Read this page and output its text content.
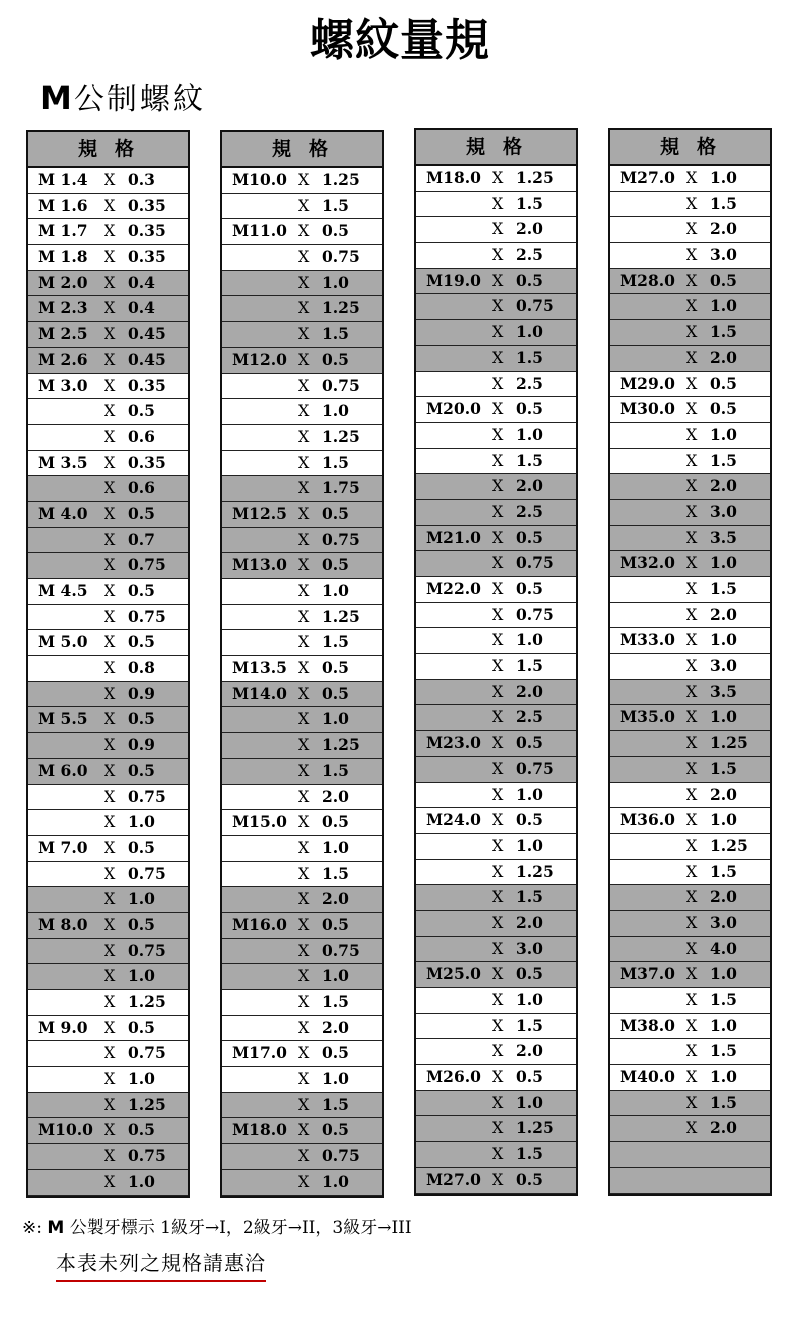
螺紋量規
M公制螺紋
規格
M 1.4 X 0.3
M 1.6 X 0.35
M 1.7 X 0.35
M 1.8 X 0.35
M 2.0 X 0.4
M 2.3 X 0.4
M 2.5 X 0.45
M 2.6 X 0.45
M 3.0 X 0.35
X 0.5
X 0.6
M 3.5 X 0.35
X 0.6
M 4.0 X 0.5
X 0.7
X 0.75
M 4.5 X 0.5
X 0.75
M 5.0 X 0.5
X 0.8
X 0.9
M 5.5 X 0.5
X 0.9
M 6.0 X 0.5
X 0.75
X 1.0
M 7.0 X 0.5
X 0.75
X 1.0
M 8.0 X 0.5
X 0.75
X 1.0
X 1.25
M 9.0 X 0.5
X 0.75
X 1.0
X 1.25
M10.0 X 0.5
X 0.75
X 1.0
規格
M10.0 X 1.25
X 1.5
M11.0 X 0.5
X 0.75
X 1.0
X 1.25
X 1.5
M12.0 X 0.5
X 0.75
X 1.0
X 1.25
X 1.5
X 1.75
M12.5 X 0.5
X 0.75
M13.0 X 0.5
X 1.0
X 1.25
X 1.5
M13.5 X 0.5
M14.0 X 0.5
X 1.0
X 1.25
X 1.5
X 2.0
M15.0 X 0.5
X 1.0
X 1.5
X 2.0
M16.0 X 0.5
X 0.75
X 1.0
X 1.5
X 2.0
M17.0 X 0.5
X 1.0
X 1.5
M18.0 X 0.5
X 0.75
X 1.0
規格
M18.0 X 1.25
X 1.5
X 2.0
X 2.5
M19.0 X 0.5
X 0.75
X 1.0
X 1.5
X 2.5
M20.0 X 0.5
X 1.0
X 1.5
X 2.0
X 2.5
M21.0 X 0.5
X 0.75
M22.0 X 0.5
X 0.75
X 1.0
X 1.5
X 2.0
X 2.5
M23.0 X 0.5
X 0.75
X 1.0
M24.0 X 0.5
X 1.0
X 1.25
X 1.5
X 2.0
X 3.0
M25.0 X 0.5
X 1.0
X 1.5
X 2.0
M26.0 X 0.5
X 1.0
X 1.25
X 1.5
M27.0 X 0.5
規格
M27.0 X 1.0
X 1.5
X 2.0
X 3.0
M28.0 X 0.5
X 1.0
X 1.5
X 2.0
M29.0 X 0.5
M30.0 X 0.5
X 1.0
X 1.5
X 2.0
X 3.0
X 3.5
M32.0 X 1.0
X 1.5
X 2.0
M33.0 X 1.0
X 3.0
X 3.5
M35.0 X 1.0
X 1.25
X 1.5
X 2.0
M36.0 X 1.0
X 1.25
X 1.5
X 2.0
X 3.0
X 4.0
M37.0 X 1.0
X 1.5
M38.0 X 1.0
X 1.5
M40.0 X 1.0
X 1.5
X 2.0
※: M 公製牙標示 1級牙→I，2級牙→II，3級牙→III
本表未列之規格請惠洽
